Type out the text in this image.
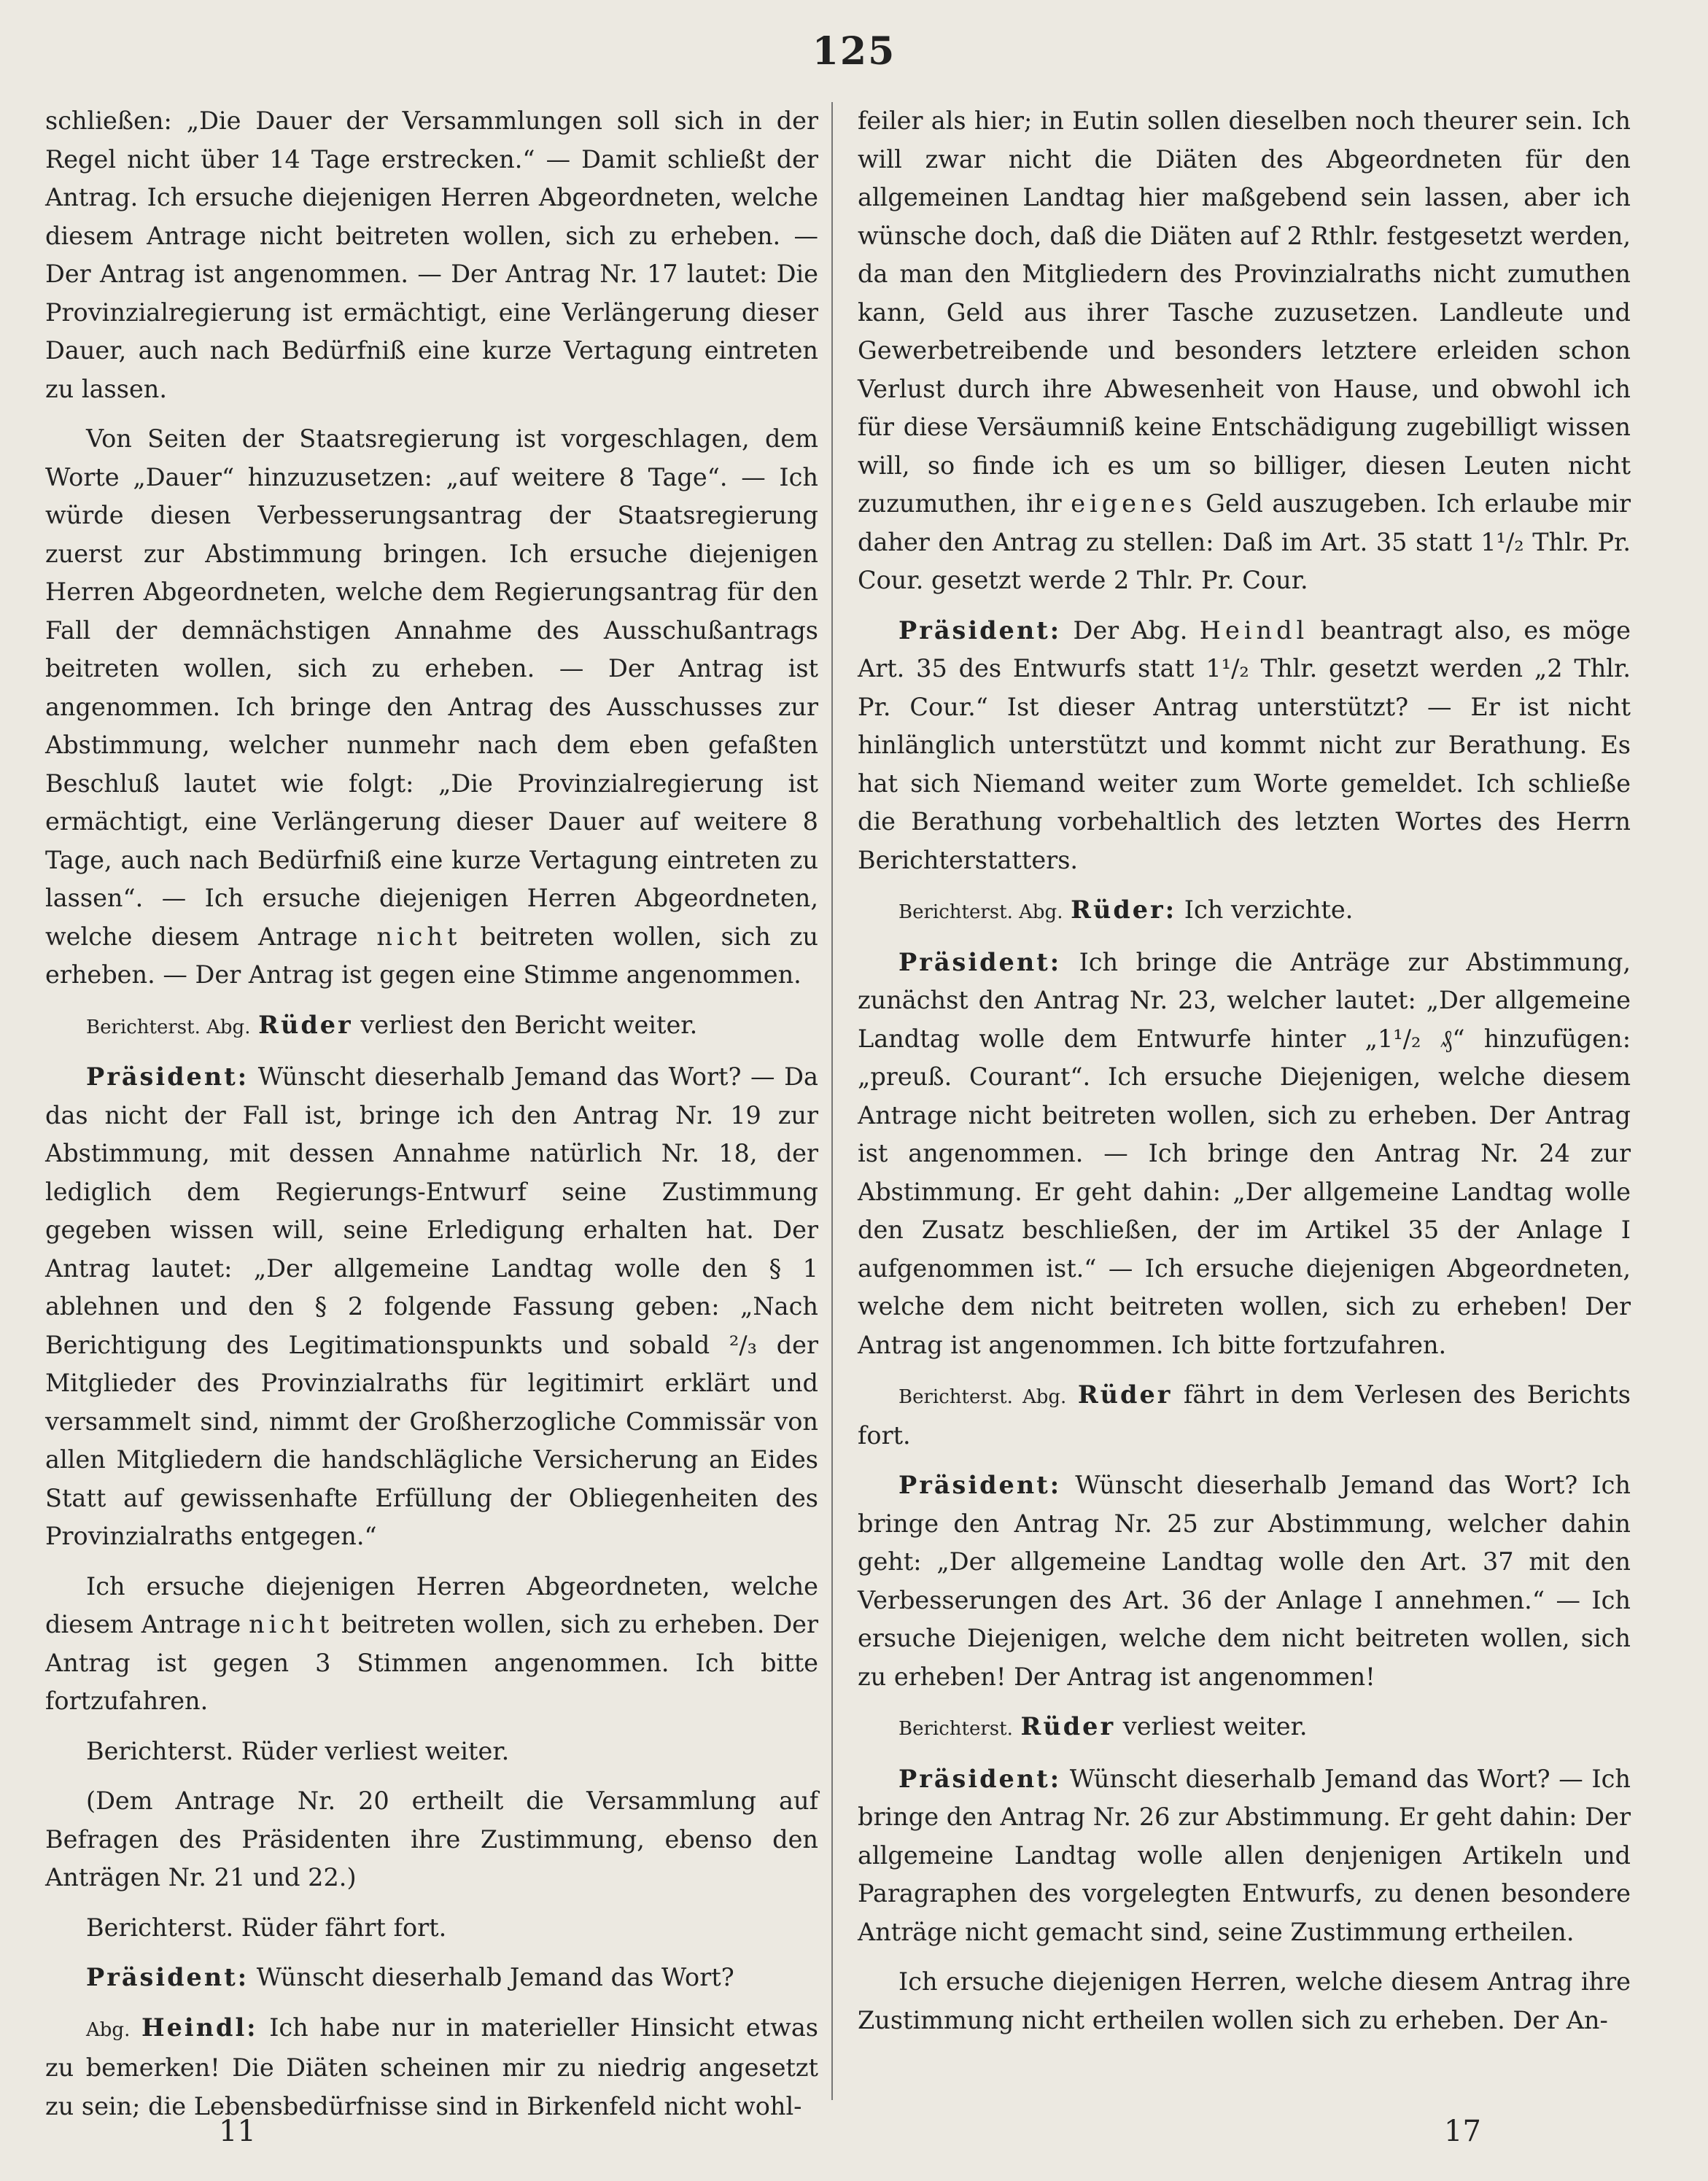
125

schließen: „Die Dauer der Versammlungen soll sich in der Regel nicht über 14 Tage erstrecken.“ — Damit schließt der Antrag. Ich ersuche diejenigen Herren Abgeordneten, welche diesem Antrage nicht beitreten wollen, sich zu erheben. — Der Antrag ist angenommen. — Der Antrag Nr. 17 lautet: Die Provinzialregierung ist ermächtigt, eine Verlängerung dieser Dauer, auch nach Bedürfniß eine kurze Vertagung eintreten zu lassen.

Von Seiten der Staatsregierung ist vorgeschlagen, dem Worte „Dauer“ hinzuzusetzen: „auf weitere 8 Tage“. — Ich würde diesen Verbesserungsantrag der Staatsregierung zuerst zur Abstimmung bringen. Ich ersuche diejenigen Herren Abgeordneten, welche dem Regierungsantrag für den Fall der demnächstigen Annahme des Ausschußantrags beitreten wollen, sich zu erheben. — Der Antrag ist angenommen. Ich bringe den Antrag des Ausschusses zur Abstimmung, welcher nunmehr nach dem eben gefaßten Beschluß lautet wie folgt: „Die Provinzialregierung ist ermächtigt, eine Verlängerung dieser Dauer auf weitere 8 Tage, auch nach Bedürfniß eine kurze Vertagung eintreten zu lassen“. — Ich ersuche diejenigen Herren Abgeordneten, welche diesem Antrage nicht beitreten wollen, sich zu erheben. — Der Antrag ist gegen eine Stimme angenommen.

Berichterst. Abg. Rüder verliest den Bericht weiter.

Präsident: Wünscht dieserhalb Jemand das Wort? — Da das nicht der Fall ist, bringe ich den Antrag Nr. 19 zur Abstimmung, mit dessen Annahme natürlich Nr. 18, der lediglich dem Regierungs-Entwurf seine Zustimmung gegeben wissen will, seine Erledigung erhalten hat. Der Antrag lautet: „Der allgemeine Landtag wolle den § 1 ablehnen und den § 2 folgende Fassung geben: „Nach Berichtigung des Legitimationspunkts und sobald ²/₃ der Mitglieder des Provinzialraths für legitimirt erklärt und versammelt sind, nimmt der Großherzogliche Commissär von allen Mitgliedern die handschlägliche Versicherung an Eides Statt auf gewissenhafte Erfüllung der Obliegenheiten des Provinzialraths entgegen.“

Ich ersuche diejenigen Herren Abgeordneten, welche diesem Antrage nicht beitreten wollen, sich zu erheben. Der Antrag ist gegen 3 Stimmen angenommen. Ich bitte fortzufahren.

Berichterst. Rüder verliest weiter.

(Dem Antrage Nr. 20 ertheilt die Versammlung auf Befragen des Präsidenten ihre Zustimmung, ebenso den Anträgen Nr. 21 und 22.)

Berichterst. Rüder fährt fort.

Präsident: Wünscht dieserhalb Jemand das Wort?

Abg. Heindl: Ich habe nur in materieller Hinsicht etwas zu bemerken! Die Diäten scheinen mir zu niedrig angesetzt zu sein; die Lebensbedürfnisse sind in Birkenfeld nicht wohl-

feiler als hier; in Eutin sollen dieselben noch theurer sein. Ich will zwar nicht die Diäten des Abgeordneten für den allgemeinen Landtag hier maßgebend sein lassen, aber ich wünsche doch, daß die Diäten auf 2 Rthlr. festgesetzt werden, da man den Mitgliedern des Provinzialraths nicht zumuthen kann, Geld aus ihrer Tasche zuzusetzen. Landleute und Gewerbetreibende und besonders letztere erleiden schon Verlust durch ihre Abwesenheit von Hause, und obwohl ich für diese Versäumniß keine Entschädigung zugebilligt wissen will, so finde ich es um so billiger, diesen Leuten nicht zuzumuthen, ihr eigenes Geld auszugeben. Ich erlaube mir daher den Antrag zu stellen: Daß im Art. 35 statt 1¹/₂ Thlr. Pr. Cour. gesetzt werde 2 Thlr. Pr. Cour.

Präsident: Der Abg. Heindl beantragt also, es möge Art. 35 des Entwurfs statt 1¹/₂ Thlr. gesetzt werden „2 Thlr. Pr. Cour.“ Ist dieser Antrag unterstützt? — Er ist nicht hinlänglich unterstützt und kommt nicht zur Berathung. Es hat sich Niemand weiter zum Worte gemeldet. Ich schließe die Berathung vorbehaltlich des letzten Wortes des Herrn Berichterstatters.

Berichterst. Abg. Rüder: Ich verzichte.

Präsident: Ich bringe die Anträge zur Abstimmung, zunächst den Antrag Nr. 23, welcher lautet: „Der allgemeine Landtag wolle dem Entwurfe hinter „1¹/₂ ₰“ hinzufügen: „preuß. Courant“. Ich ersuche Diejenigen, welche diesem Antrage nicht beitreten wollen, sich zu erheben. Der Antrag ist angenommen. — Ich bringe den Antrag Nr. 24 zur Abstimmung. Er geht dahin: „Der allgemeine Landtag wolle den Zusatz beschließen, der im Artikel 35 der Anlage I aufgenommen ist.“ — Ich ersuche diejenigen Abgeordneten, welche dem nicht beitreten wollen, sich zu erheben! Der Antrag ist angenommen. Ich bitte fortzufahren.

Berichterst. Abg. Rüder fährt in dem Verlesen des Berichts fort.

Präsident: Wünscht dieserhalb Jemand das Wort? Ich bringe den Antrag Nr. 25 zur Abstimmung, welcher dahin geht: „Der allgemeine Landtag wolle den Art. 37 mit den Verbesserungen des Art. 36 der Anlage I annehmen.“ — Ich ersuche Diejenigen, welche dem nicht beitreten wollen, sich zu erheben! Der Antrag ist angenommen!

Berichterst. Rüder verliest weiter.

Präsident: Wünscht dieserhalb Jemand das Wort? — Ich bringe den Antrag Nr. 26 zur Abstimmung. Er geht dahin: Der allgemeine Landtag wolle allen denjenigen Artikeln und Paragraphen des vorgelegten Entwurfs, zu denen besondere Anträge nicht gemacht sind, seine Zustimmung ertheilen.

Ich ersuche diejenigen Herren, welche diesem Antrag ihre Zustimmung nicht ertheilen wollen sich zu erheben. Der An-

11	17
